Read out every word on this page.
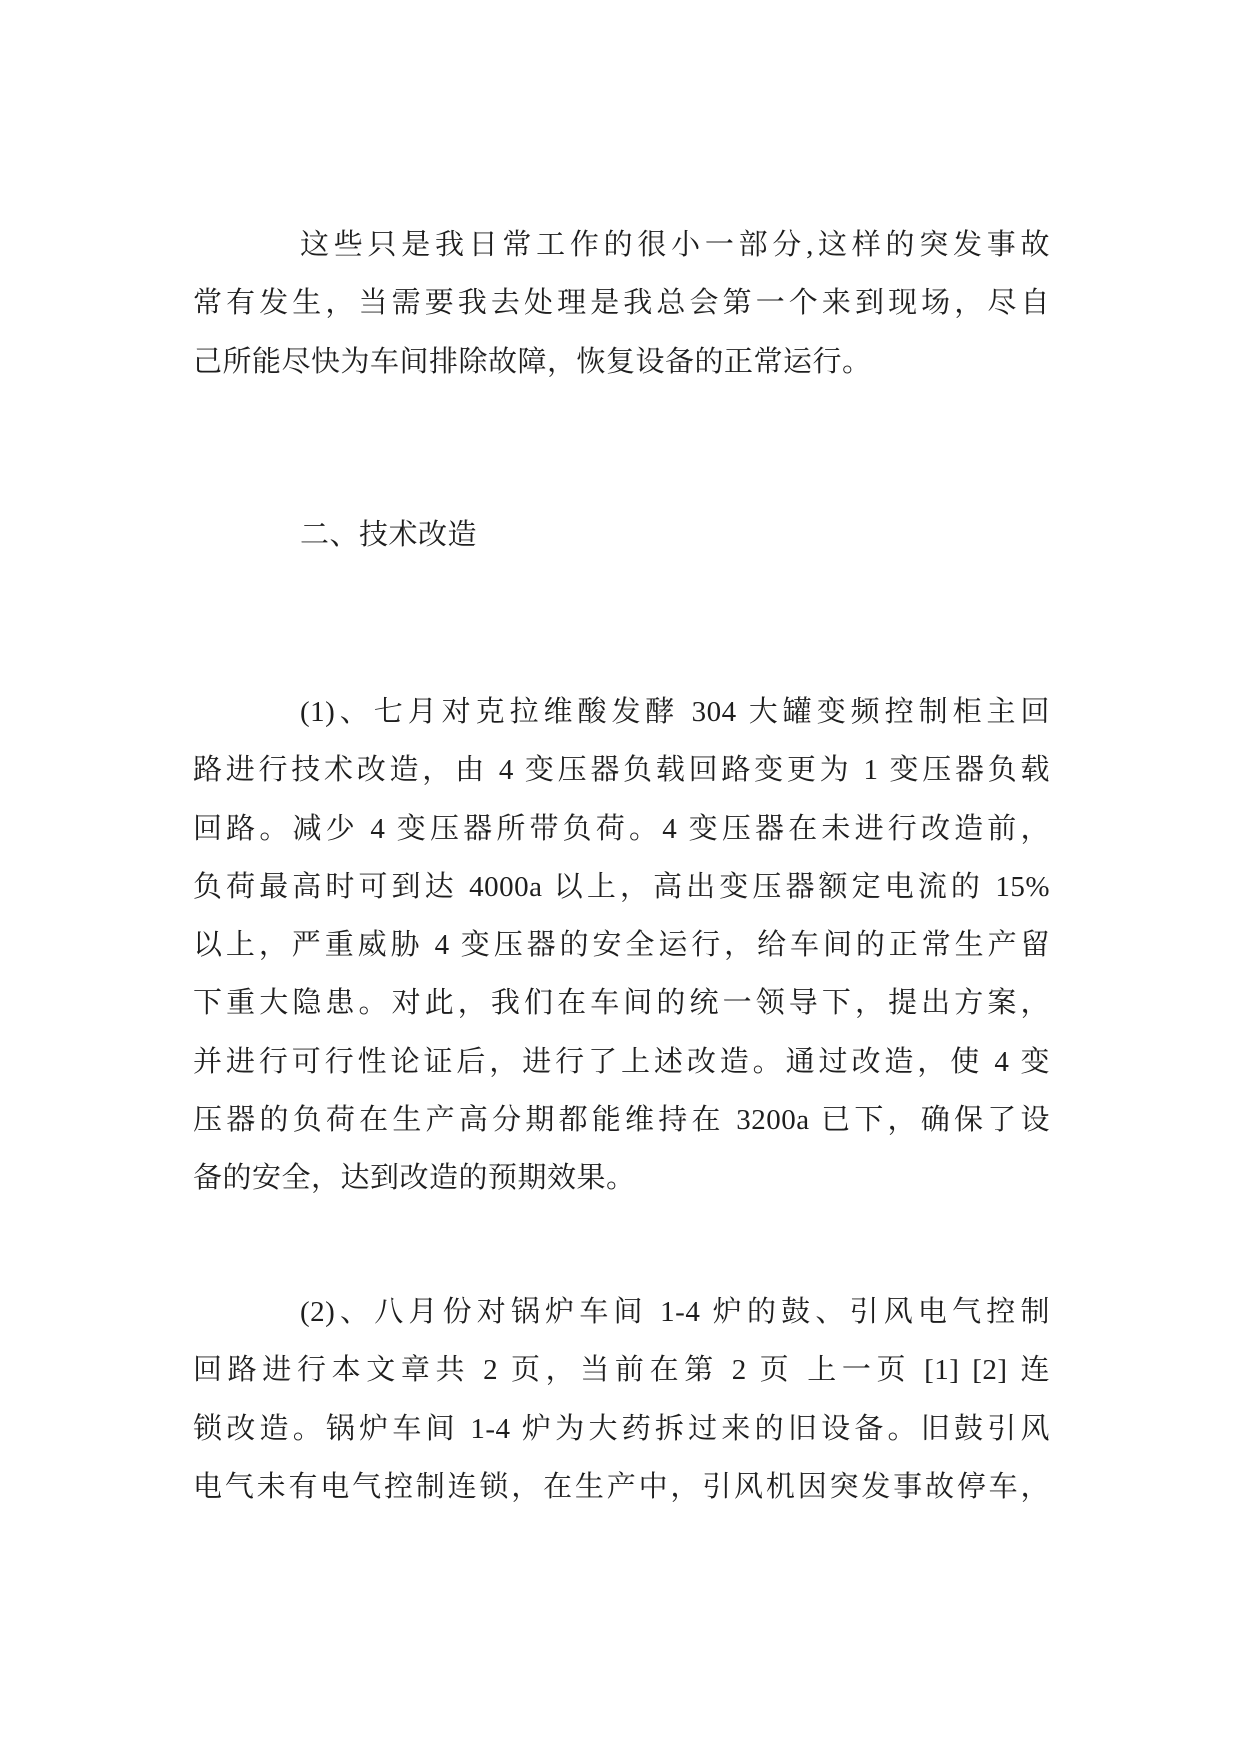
这些只是我日常工作的很小一部分,这样的突发事故
常有发生，当需要我去处理是我总会第一个来到现场，尽自
己所能尽快为车间排除故障，恢复设备的正常运行。
二、技术改造
(1)、七月对克拉维酸发酵 304 大罐变频控制柜主回
路进行技术改造，由 4 变压器负载回路变更为 1 变压器负载
回路。减少 4 变压器所带负荷。4 变压器在未进行改造前，
负荷最高时可到达 4000a 以上，高出变压器额定电流的 15%
以上，严重威胁 4 变压器的安全运行，给车间的正常生产留
下重大隐患。对此，我们在车间的统一领导下，提出方案，
并进行可行性论证后，进行了上述改造。通过改造，使 4 变
压器的负荷在生产高分期都能维持在 3200a 已下，确保了设
备的安全，达到改造的预期效果。
(2)、八月份对锅炉车间 1-4 炉的鼓、引风电气控制
回路进行本文章共 2 页，当前在第 2 页 上一页 [1] [2] 连
锁改造。锅炉车间 1-4 炉为大药拆过来的旧设备。旧鼓引风
电气未有电气控制连锁，在生产中，引风机因突发事故停车，
